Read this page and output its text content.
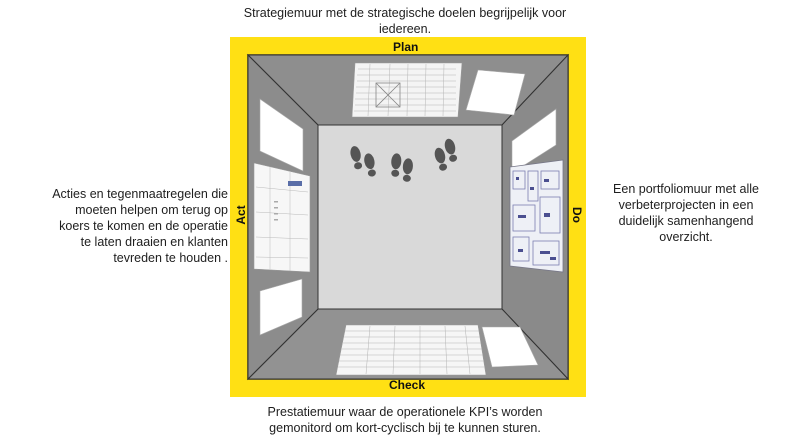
Strategiemuur met de strategische doelen begrijpelijk voor
iedereen.
Acties en tegenmaatregelen die
moeten helpen om terug op
koers te komen en de operatie
te laten draaien en klanten
tevreden te houden .
Een portfoliomuur met alle
verbeterprojecten in een
duidelijk samenhangend
overzicht.
Prestatiemuur waar de operationele KPI’s worden
gemonitord om kort-cyclisch bij te kunnen sturen.
Plan
Do
Check
Act
